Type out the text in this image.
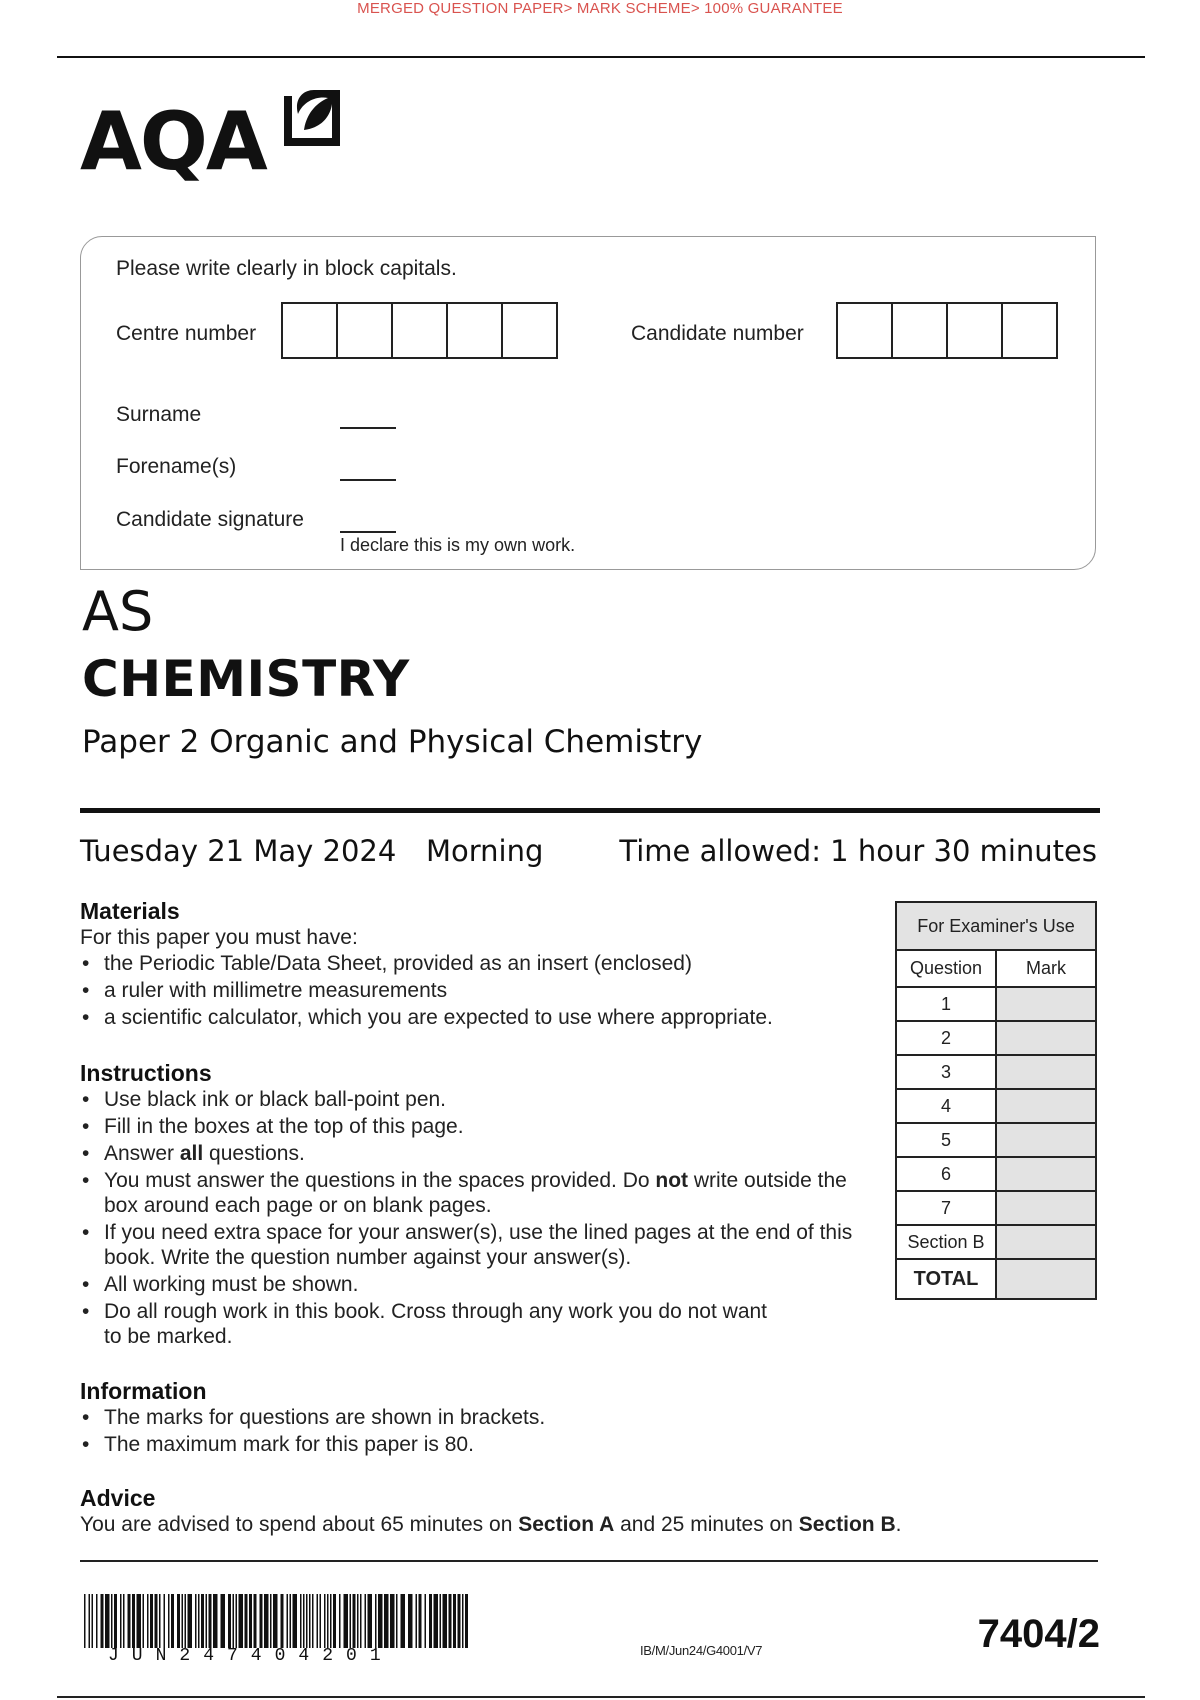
MERGED QUESTION PAPER> MARK SCHEME> 100% GUARANTEE
AQA
Please write clearly in block capitals.
Centre number	Candidate number
Surname
Forename(s)
Candidate signature
I declare this is my own work.
AS
CHEMISTRY
Paper 2 Organic and Physical Chemistry
Tuesday 21 May 2024 Morning	Time allowed: 1 hour 30 minutes
Materials
For this paper you must have:
• the Periodic Table/Data Sheet, provided as an insert (enclosed)
• a ruler with millimetre measurements
• a scientific calculator, which you are expected to use where appropriate.
Instructions
• Use black ink or black ball-point pen.
• Fill in the boxes at the top of this page.
• Answer all questions.
• You must answer the questions in the spaces provided. Do not write outside the box around each page or on blank pages.
• If you need extra space for your answer(s), use the lined pages at the end of this book. Write the question number against your answer(s).
• All working must be shown.
• Do all rough work in this book. Cross through any work you do not want to be marked.
Information
• The marks for questions are shown in brackets.
• The maximum mark for this paper is 80.
Advice
You are advised to spend about 65 minutes on Section A and 25 minutes on Section B.
For Examiner's Use	
Question	Mark
1	
2	
3	
4	
5	
6	
7	
Section B	
TOTAL	
JUN247404201	IB/M/Jun24/G4001/V7	7404/2
